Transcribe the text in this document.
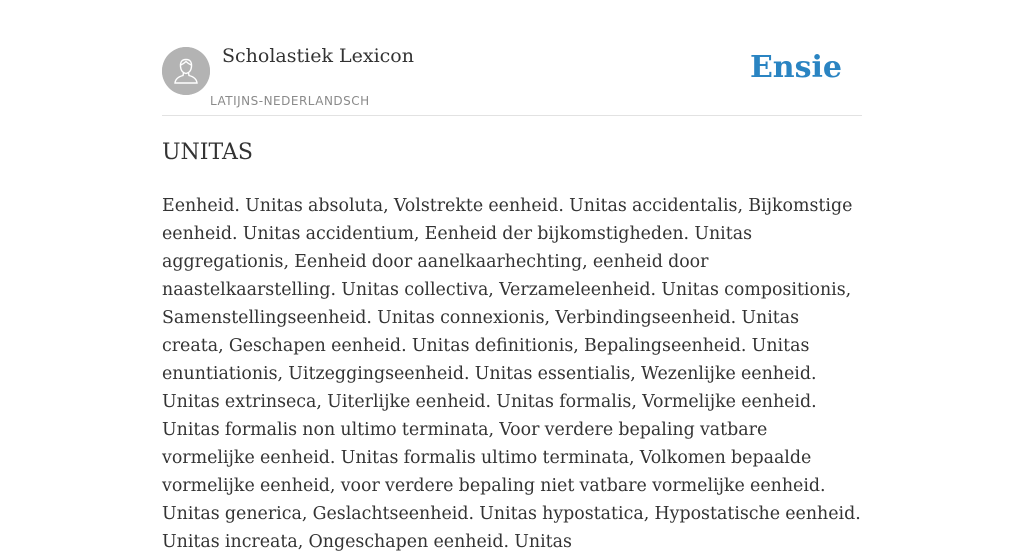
Scholastiek Lexicon
LATIJNS-NEDERLANDSCH
Ensie
UNITAS

Eenheid. Unitas absoluta, Volstrekte eenheid. Unitas accidentalis, Bijkomstige eenheid. Unitas accidentium, Eenheid der bijkomstigheden. Unitas aggregationis, Eenheid door aanelkaarhechting, eenheid door naastelkaarstelling. Unitas collectiva, Verzameleenheid. Unitas compositionis, Samenstellingseenheid. Unitas connexionis, Verbindingseenheid. Unitas creata, Geschapen eenheid. Unitas definitionis, Bepalingseenheid. Unitas enuntiationis, Uitzeggingseenheid. Unitas essentialis, Wezenlijke eenheid. Unitas extrinseca, Uiterlijke eenheid. Unitas formalis, Vormelijke eenheid. Unitas formalis non ultimo terminata, Voor verdere bepaling vatbare vormelijke eenheid. Unitas formalis ultimo terminata, Volkomen bepaalde vormelijke eenheid, voor verdere bepaling niet vatbare vormelijke eenheid. Unitas generica, Geslachtseenheid. Unitas hypostatica, Hypostatische eenheid. Unitas increata, Ongeschapen eenheid. Unitas
